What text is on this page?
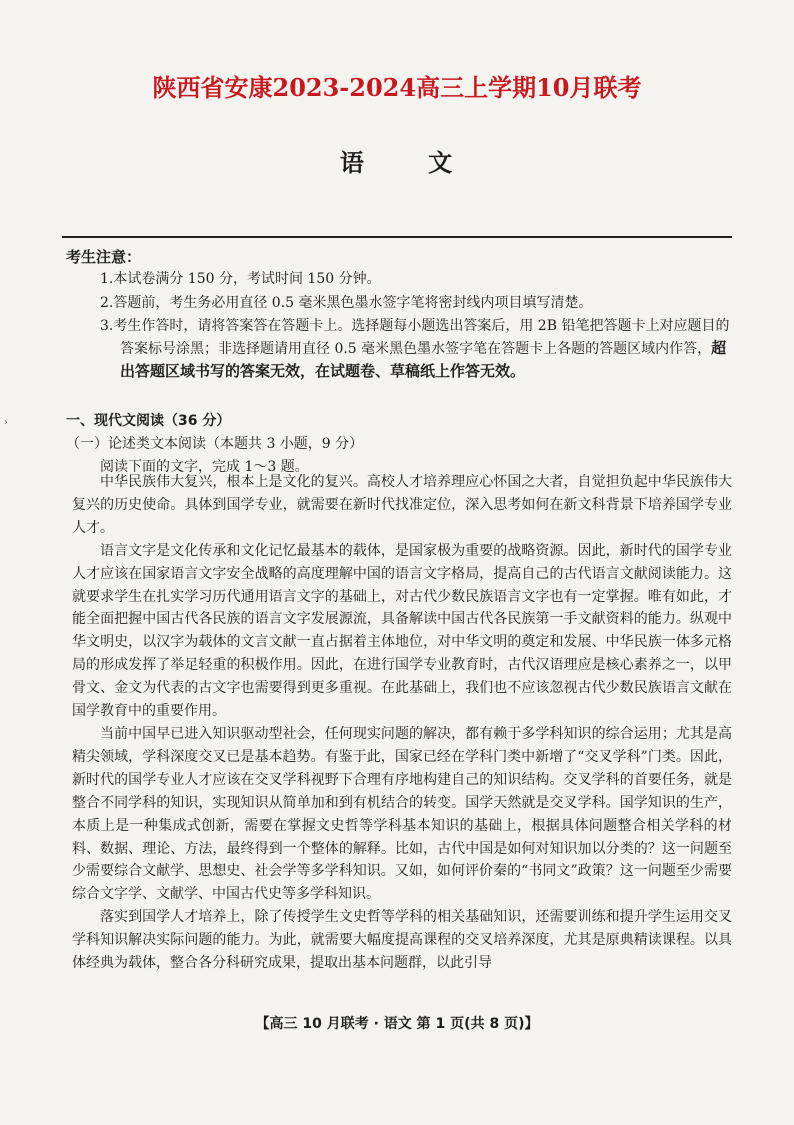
陕西省安康2023-2024高三上学期10月联考
语 文
考生注意：
1.本试卷满分 150 分，考试时间 150 分钟。
2.答题前，考生务必用直径 0.5 毫米黑色墨水签字笔将密封线内项目填写清楚。
3.考生作答时，请将答案答在答题卡上。选择题每小题选出答案后，用 2B 铅笔把答题卡上对应题目的答案标号涂黑；非选择题请用直径 0.5 毫米黑色墨水签字笔在答题卡上各题的答题区域内作答，超出答题区域书写的答案无效，在试题卷、草稿纸上作答无效。
›	一、现代文阅读（36 分）
（一）论述类文本阅读（本题共 3 小题，9 分）
阅读下面的文字，完成 1～3 题。

中华民族伟大复兴，根本上是文化的复兴。高校人才培养理应心怀国之大者，自觉担负起中华民族伟大复兴的历史使命。具体到国学专业，就需要在新时代找准定位，深入思考如何在新文科背景下培养国学专业人才。

语言文字是文化传承和文化记忆最基本的载体，是国家极为重要的战略资源。因此，新时代的国学专业人才应该在国家语言文字安全战略的高度理解中国的语言文字格局，提高自己的古代语言文献阅读能力。这就要求学生在扎实学习历代通用语言文字的基础上，对古代少数民族语言文字也有一定掌握。唯有如此，才能全面把握中国古代各民族的语言文字发展源流，具备解读中国古代各民族第一手文献资料的能力。纵观中华文明史，以汉字为载体的文言文献一直占据着主体地位，对中华文明的奠定和发展、中华民族一体多元格局的形成发挥了举足轻重的积极作用。因此，在进行国学专业教育时，古代汉语理应是核心素养之一，以甲骨文、金文为代表的古文字也需要得到更多重视。在此基础上，我们也不应该忽视古代少数民族语言文献在国学教育中的重要作用。

当前中国早已进入知识驱动型社会，任何现实问题的解决，都有赖于多学科知识的综合运用；尤其是高精尖领域，学科深度交叉已是基本趋势。有鉴于此，国家已经在学科门类中新增了“交叉学科”门类。因此，新时代的国学专业人才应该在交叉学科视野下合理有序地构建自己的知识结构。交叉学科的首要任务，就是整合不同学科的知识，实现知识从简单加和到有机结合的转变。国学天然就是交叉学科。国学知识的生产，本质上是一种集成式创新，需要在掌握文史哲等学科基本知识的基础上，根据具体问题整合相关学科的材料、数据、理论、方法，最终得到一个整体的解释。比如，古代中国是如何对知识加以分类的？这一问题至少需要综合文献学、思想史、社会学等多学科知识。又如，如何评价秦的“书同文”政策？这一问题至少需要综合文字学、文献学、中国古代史等多学科知识。

落实到国学人才培养上，除了传授学生文史哲等学科的相关基础知识，还需要训练和提升学生运用交叉学科知识解决实际问题的能力。为此，就需要大幅度提高课程的交叉培养深度，尤其是原典精读课程。以具体经典为载体，整合各分科研究成果，提取出基本问题群，以此引导

【高三 10 月联考 · 语文 第 1 页(共 8 页)】
